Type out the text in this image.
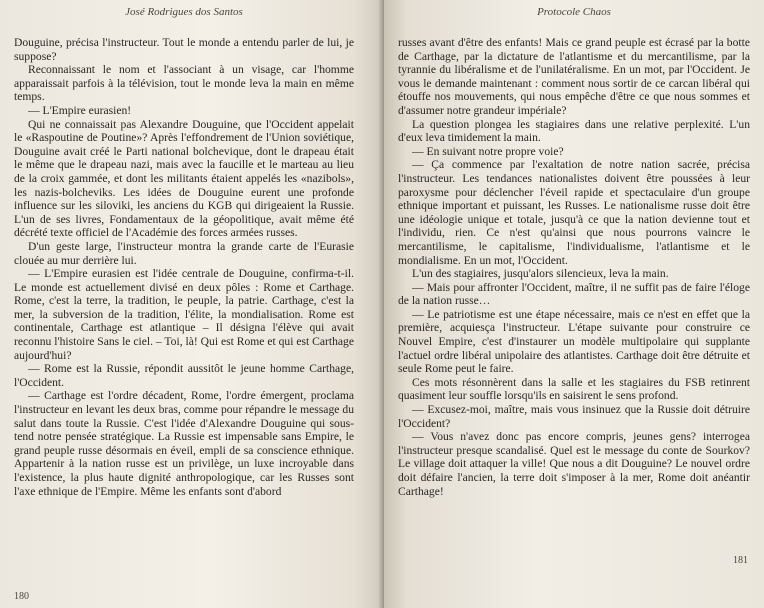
José Rodrigues dos Santos

Douguine, précisa l'instructeur. Tout le monde a entendu parler de lui, je suppose?

Reconnaissant le nom et l'associant à un visage, car l'homme apparaissait parfois à la télévision, tout le monde leva la main en même temps.

— L'Empire eurasien!

Qui ne connaissait pas Alexandre Douguine, que l'Occident appelait le «Raspoutine de Poutine»? Après l'effondrement de l'Union soviétique, Douguine avait créé le Parti national bolchevique, dont le drapeau était le même que le drapeau nazi, mais avec la faucille et le marteau au lieu de la croix gammée, et dont les militants étaient appelés les «nazibols», les nazis-bolcheviks. Les idées de Douguine eurent une profonde influence sur les siloviki, les anciens du KGB qui dirigeaient la Russie. L'un de ses livres, Fondamentaux de la géopolitique, avait même été décrété texte officiel de l'Académie des forces armées russes.

D'un geste large, l'instructeur montra la grande carte de l'Eurasie clouée au mur derrière lui.

— L'Empire eurasien est l'idée centrale de Douguine, confirma-t-il. Le monde est actuellement divisé en deux pôles : Rome et Carthage. Rome, c'est la terre, la tradition, le peuple, la patrie. Carthage, c'est la mer, la subversion de la tradition, l'élite, la mondialisation. Rome est continentale, Carthage est atlantique – Il désigna l'élève qui avait reconnu l'histoire Sans le ciel. – Toi, là! Qui est Rome et qui est Carthage aujourd'hui?

— Rome est la Russie, répondit aussitôt le jeune homme Carthage, l'Occident.

— Carthage est l'ordre décadent, Rome, l'ordre émergent, proclama l'instructeur en levant les deux bras, comme pour répandre le message du salut dans toute la Russie. C'est l'idée d'Alexandre Douguine qui sous-tend notre pensée stratégique. La Russie est impensable sans Empire, le grand peuple russe désormais en éveil, empli de sa conscience ethnique. Appartenir à la nation russe est un privilège, un luxe incroyable dans l'existence, la plus haute dignité anthropologique, car les Russes sont l'axe ethnique de l'Empire. Même les enfants sont d'abord

180
Protocole Chaos

russes avant d'être des enfants! Mais ce grand peuple est écrasé par la botte de Carthage, par la dictature de l'atlantisme et du mercantilisme, par la tyrannie du libéralisme et de l'unilatéralisme. En un mot, par l'Occident. Je vous le demande maintenant : comment nous sortir de ce carcan libéral qui étouffe nos mouvements, qui nous empêche d'être ce que nous sommes et d'assumer notre grandeur impériale?

La question plongea les stagiaires dans une relative perplexité. L'un d'eux leva timidement la main.

— En suivant notre propre voie?

— Ça commence par l'exaltation de notre nation sacrée, précisa l'instructeur. Les tendances nationalistes doivent être poussées à leur paroxysme pour déclencher l'éveil rapide et spectaculaire d'un groupe ethnique important et puissant, les Russes. Le nationalisme russe doit être une idéologie unique et totale, jusqu'à ce que la nation devienne tout et l'individu, rien. Ce n'est qu'ainsi que nous pourrons vaincre le mercantilisme, le capitalisme, l'individualisme, l'atlantisme et le mondialisme. En un mot, l'Occident.

L'un des stagiaires, jusqu'alors silencieux, leva la main.

— Mais pour affronter l'Occident, maître, il ne suffit pas de faire l'éloge de la nation russe…

— Le patriotisme est une étape nécessaire, mais ce n'est en effet que la première, acquiesça l'instructeur. L'étape suivante pour construire ce Nouvel Empire, c'est d'instaurer un modèle multipolaire qui supplante l'actuel ordre libéral unipolaire des atlantistes. Carthage doit être détruite et seule Rome peut le faire.

Ces mots résonnèrent dans la salle et les stagiaires du FSB retinrent quasiment leur souffle lorsqu'ils en saisirent le sens profond.

— Excusez-moi, maître, mais vous insinuez que la Russie doit détruire l'Occident?

— Vous n'avez donc pas encore compris, jeunes gens? interrogea l'instructeur presque scandalisé. Quel est le message du conte de Sourkov? Le village doit attaquer la ville! Que nous a dit Douguine? Le nouvel ordre doit défaire l'ancien, la terre doit s'imposer à la mer, Rome doit anéantir Carthage!

181
